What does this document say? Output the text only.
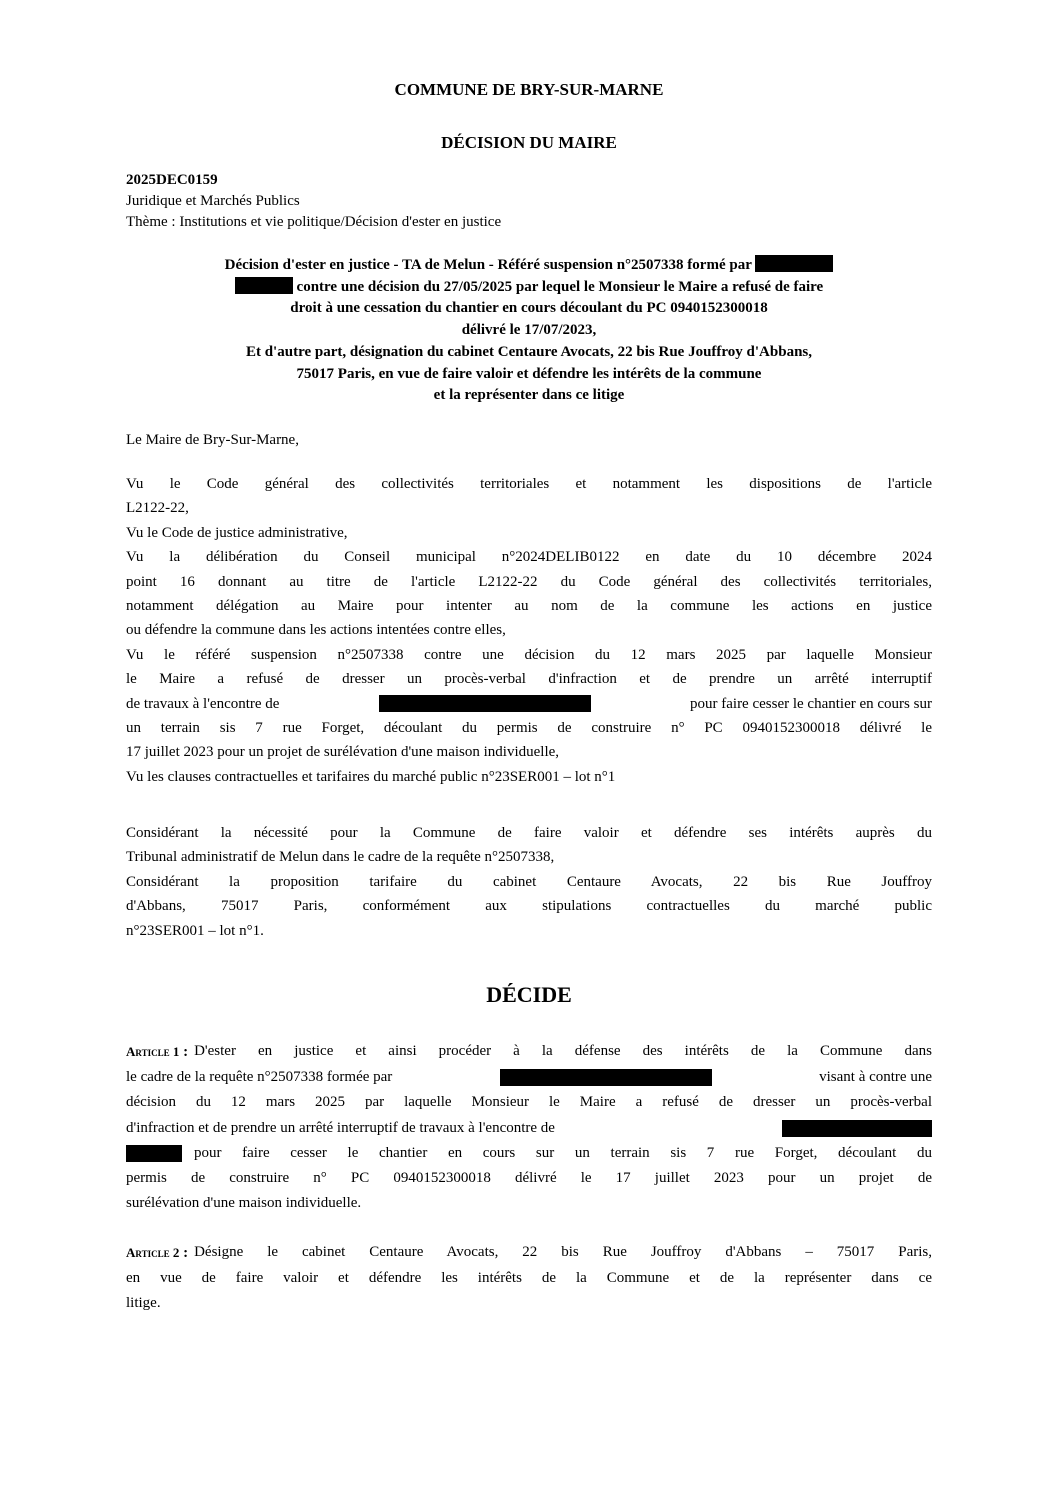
COMMUNE DE BRY-SUR-MARNE
DÉCISION DU MAIRE
2025DEC0159
Juridique et Marchés Publics
Thème : Institutions et vie politique/Décision d'ester en justice
Décision d'ester en justice - TA de Melun - Référé suspension n°2507338 formé par
contre une décision du 27/05/2025 par lequel le Monsieur le Maire a refusé de faire
droit à une cessation du chantier en cours découlant du PC 0940152300018
délivré le 17/07/2023,
Et d'autre part, désignation du cabinet Centaure Avocats, 22 bis Rue Jouffroy d'Abbans,
75017 Paris, en vue de faire valoir et défendre les intérêts de la commune
et la représenter dans ce litige
Le Maire de Bry-Sur-Marne,
Vu le Code général des collectivités territoriales et notamment les dispositions de l'article
L2122-22,
Vu le Code de justice administrative,
Vu la délibération du Conseil municipal n°2024DELIB0122 en date du 10 décembre 2024
point 16 donnant au titre de l'article L2122-22 du Code général des collectivités territoriales,
notamment délégation au Maire pour intenter au nom de la commune les actions en justice
ou défendre la commune dans les actions intentées contre elles,
Vu le référé suspension n°2507338 contre une décision du 12 mars 2025 par laquelle Monsieur
le Maire a refusé de dresser un procès-verbal d'infraction et de prendre un arrêté interruptif
de travaux à l'encontre de	pour faire cesser le chantier en cours sur
un terrain sis 7 rue Forget, découlant du permis de construire n° PC 0940152300018 délivré le
17 juillet 2023 pour un projet de surélévation d'une maison individuelle,
Vu les clauses contractuelles et tarifaires du marché public n°23SER001 – lot n°1
Considérant la nécessité pour la Commune de faire valoir et défendre ses intérêts auprès du
Tribunal administratif de Melun dans le cadre de la requête n°2507338,
Considérant la proposition tarifaire du cabinet Centaure Avocats, 22 bis Rue Jouffroy
d'Abbans, 75017 Paris, conformément aux stipulations contractuelles du marché public
n°23SER001 – lot n°1.
DÉCIDE
Article 1 : D'ester en justice et ainsi procéder à la défense des intérêts de la Commune dans
le cadre de la requête n°2507338 formée par	visant à contre une
décision du 12 mars 2025 par laquelle Monsieur le Maire a refusé de dresser un procès-verbal
d'infraction et de prendre un arrêté interruptif de travaux à l'encontre de
pour faire cesser le chantier en cours sur un terrain sis 7 rue Forget, découlant du
permis de construire n° PC 0940152300018 délivré le 17 juillet 2023 pour un projet de
surélévation d'une maison individuelle.
Article 2 : Désigne le cabinet Centaure Avocats, 22 bis Rue Jouffroy d'Abbans – 75017 Paris,
en vue de faire valoir et défendre les intérêts de la Commune et de la représenter dans ce
litige.
